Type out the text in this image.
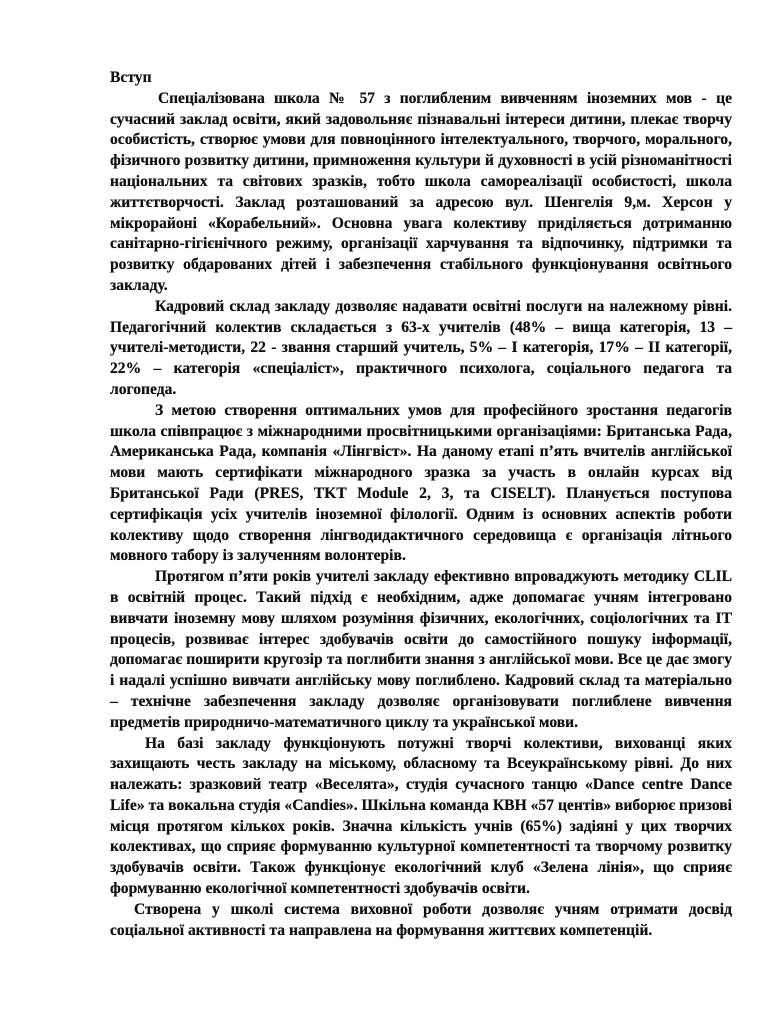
Вступ

Спеціалізована школа № 57 з поглибленим вивченням іноземних мов - це сучасний заклад освіти, який задовольняє пізнавальні інтереси дитини, плекає творчу особистість, створює умови для повноцінного інтелектуального, творчого, морального, фізичного розвитку дитини, примноження культури й духовності в усій різноманітності національних та світових зразків, тобто школа самореалізації особистості, школа життєтворчості. Заклад розташований за адресою вул. Шенгелія 9,м. Херсон у мікрорайоні «Корабельний». Основна увага колективу приділяється дотриманню санітарно-гігієнічного режиму, організації харчування та відпочинку, підтримки та розвитку обдарованих дітей і забезпечення стабільного функціонування освітнього закладу.

Кадровий склад закладу дозволяє надавати освітні послуги на належному рівні. Педагогічний колектив складається з 63-х учителів (48% – вища категорія, 13 – учителі-методисти, 22 - звання старший учитель, 5% – І категорія, 17% – ІІ категорії, 22% – категорія «спеціаліст», практичного психолога, соціального педагога та логопеда.

З метою створення оптимальних умов для професійного зростання педагогів школа співпрацює з міжнародними просвітницькими організаціями: Британська Рада, Американська Рада, компанія «Лінгвіст». На даному етапі п’ять вчителів англійської мови мають сертифікати міжнародного зразка за участь в онлайн курсах від Британської Ради (PRES, TKT Module 2, 3, та CISELT). Планується поступова сертифікація усіх учителів іноземної філології. Одним із основних аспектів роботи колективу щодо створення лінгводидактичного середовища є організація літнього мовного табору із залученням волонтерів.

Протягом п’яти років учителі закладу ефективно впроваджують методику CLIL в освітній процес. Такий підхід є необхідним, адже допомагає учням інтегровано вивчати іноземну мову шляхом розуміння фізичних, екологічних, соціологічних та ІТ процесів, розвиває інтерес здобувачів освіти до самостійного пошуку інформації, допомагає поширити кругозір та поглибити знання з англійської мови. Все це дає змогу і надалі успішно вивчати англійську мову поглиблено. Кадровий склад та матеріально – технічне забезпечення закладу дозволяє організовувати поглиблене вивчення предметів природничо-математичного циклу та української мови.

На базі закладу функціонують потужні творчі колективи, вихованці яких захищають честь закладу на міському, обласному та Всеукраїнському рівні. До них належать: зразковий театр «Веселята», студія сучасного танцю «Dance centre Dance Life» та вокальна студія «Candies». Шкільна команда КВН «57 центів» виборює призові місця протягом кількох років. Значна кількість учнів (65%) задіяні у цих творчих колективах, що сприяє формуванню культурної компетентності та творчому розвитку здобувачів освіти. Також функціонує екологічний клуб «Зелена лінія», що сприяє формуванню екологічної компетентності здобувачів освіти.

Створена у школі система виховної роботи дозволяє учням отримати досвід соціальної активності та направлена на формування життєвих компетенцій.
